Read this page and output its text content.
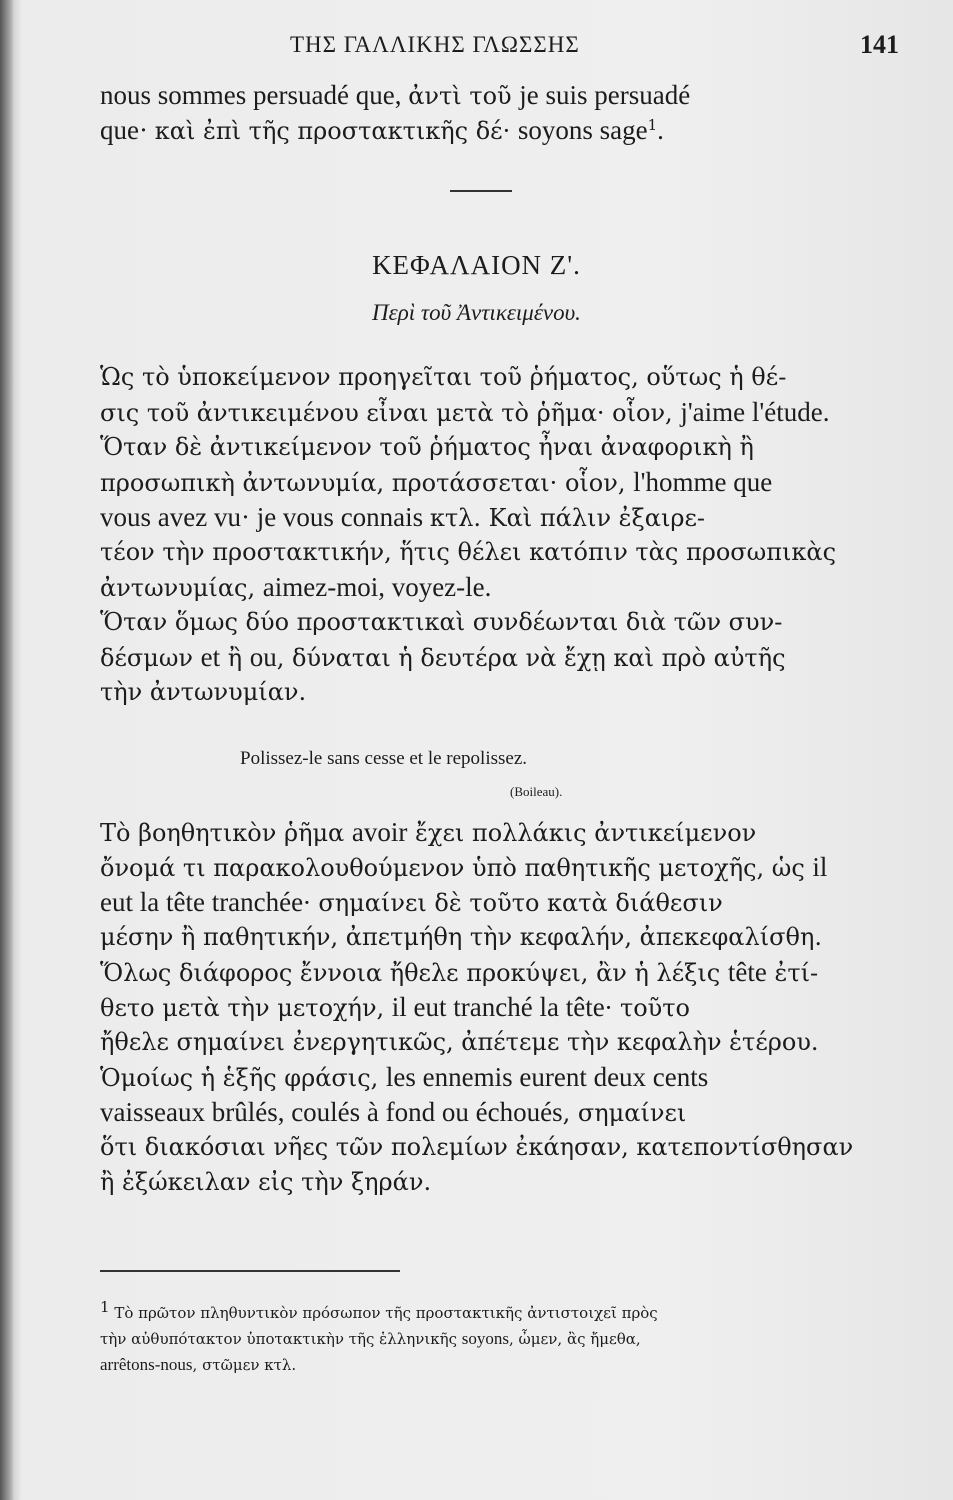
ΤΗΣ ΓΑΛΛΙΚΗΣ ΓΛΩΣΣΗΣ	141
nous sommes persuadé que, ἀντὶ τοῦ je suis persuadé
que· καὶ ἐπὶ τῆς προστακτικῆς δέ· soyons sage$^1$.
ΚΕΦΑΛΑΙΟΝ Ζ'.
Περὶ τοῦ Ἀντικειμένου.
Ὡς τὸ ὑποκείμενον προηγεῖται τοῦ ῥήματος, οὕτως ἡ θέ-
σις τοῦ ἀντικειμένου εἶναι μετὰ τὸ ῥῆμα· οἷον, j'aime l'étude.
Ὅταν δὲ ἀντικείμενον τοῦ ῥήματος ἦναι ἀναφορικὴ ἢ
προσωπικὴ ἀντωνυμία, προτάσσεται· οἷον, l'homme que
vous avez vu· je vous connais κτλ. Καὶ πάλιν ἐξαιρε-
τέον τὴν προστακτικήν, ἥτις θέλει κατόπιν τὰς προσωπικὰς
ἀντωνυμίας, aimez-moi, voyez-le.
Ὅταν ὅμως δύο προστακτικαὶ συνδέωνται διὰ τῶν συν-
δέσμων et ἢ ou, δύναται ἡ δευτέρα νὰ ἔχῃ καὶ πρὸ αὐτῆς
τὴν ἀντωνυμίαν.
Polissez-le sans cesse et le repolissez.
(Boileau).
Τὸ βοηθητικὸν ῥῆμα avoir ἔχει πολλάκις ἀντικείμενον
ὄνομά τι παρακολουθούμενον ὑπὸ παθητικῆς μετοχῆς, ὡς il
eut la tête tranchée· σημαίνει δὲ τοῦτο κατὰ διάθεσιν
μέσην ἢ παθητικήν, ἀπετμήθη τὴν κεφαλήν, ἀπεκεφαλίσθη.
Ὅλως διάφορος ἔννοια ἤθελε προκύψει, ἂν ἡ λέξις tête ἐτί-
θετο μετὰ τὴν μετοχήν, il eut tranché la tête· τοῦτο
ἤθελε σημαίνει ἐνεργητικῶς, ἀπέτεμε τὴν κεφαλὴν ἑτέρου.
Ὁμοίως ἡ ἑξῆς φράσις, les ennemis eurent deux cents
vaisseaux brûlés, coulés à fond ou échoués, σημαίνει
ὅτι διακόσιαι νῆες τῶν πολεμίων ἐκάησαν, κατεποντίσθησαν
ἢ ἐξώκειλαν εἰς τὴν ξηράν.
1 Τὸ πρῶτον πληθυντικὸν πρόσωπον τῆς προστακτικῆς ἀντιστοιχεῖ πρὸς
τὴν αὐθυπότακτον ὑποτακτικὴν τῆς ἑλληνικῆς soyons, ὦμεν, ἂς ἤμεθα,
arrêtons-nous, στῶμεν κτλ.
